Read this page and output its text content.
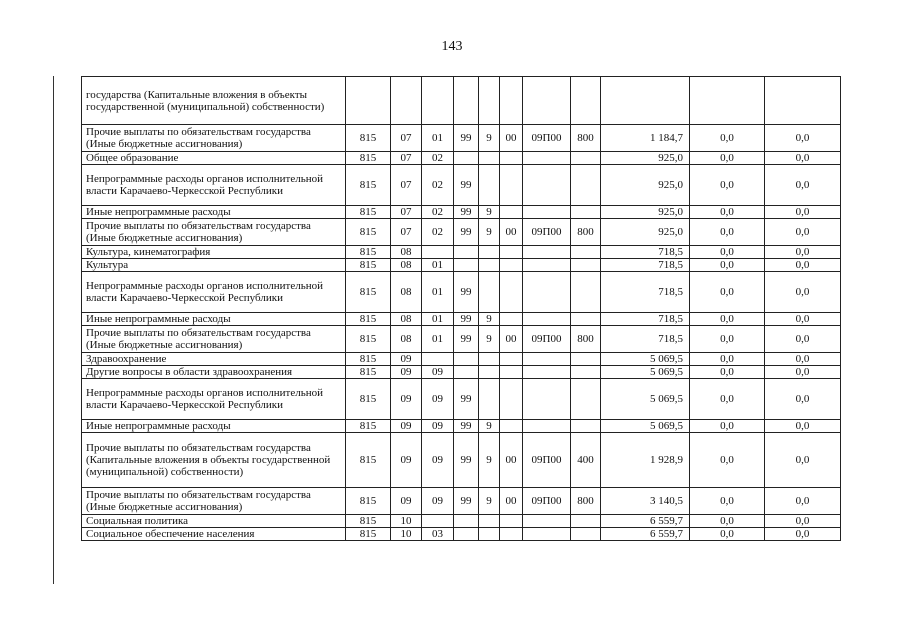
143
государства (Капитальные вложения в объекты государственной (муниципальной) собственности)											
Прочие выплаты по обязательствам государства (Иные бюджетные ассигнования)	815	07	01	99	9	00	09П00	800	1 184,7	0,0	0,0
Общее образование	815	07	02						925,0	0,0	0,0
Непрограммные расходы органов исполнительной власти Карачаево-Черкесской Республики	815	07	02	99					925,0	0,0	0,0
Иные непрограммные расходы	815	07	02	99	9				925,0	0,0	0,0
Прочие выплаты по обязательствам государства (Иные бюджетные ассигнования)	815	07	02	99	9	00	09П00	800	925,0	0,0	0,0
Культура, кинематография	815	08							718,5	0,0	0,0
Культура	815	08	01						718,5	0,0	0,0
Непрограммные расходы органов исполнительной власти Карачаево-Черкесской Республики	815	08	01	99					718,5	0,0	0,0
Иные непрограммные расходы	815	08	01	99	9				718,5	0,0	0,0
Прочие выплаты по обязательствам государства (Иные бюджетные ассигнования)	815	08	01	99	9	00	09П00	800	718,5	0,0	0,0
Здравоохранение	815	09							5 069,5	0,0	0,0
Другие вопросы в области здравоохранения	815	09	09						5 069,5	0,0	0,0
Непрограммные расходы органов исполнительной власти Карачаево-Черкесской Республики	815	09	09	99					5 069,5	0,0	0,0
Иные непрограммные расходы	815	09	09	99	9				5 069,5	0,0	0,0
Прочие выплаты по обязательствам государства (Капитальные вложения в объекты государственной (муниципальной) собственности)	815	09	09	99	9	00	09П00	400	1 928,9	0,0	0,0
Прочие выплаты по обязательствам государства (Иные бюджетные ассигнования)	815	09	09	99	9	00	09П00	800	3 140,5	0,0	0,0
Социальная политика	815	10							6 559,7	0,0	0,0
Социальное обеспечение населения	815	10	03						6 559,7	0,0	0,0
